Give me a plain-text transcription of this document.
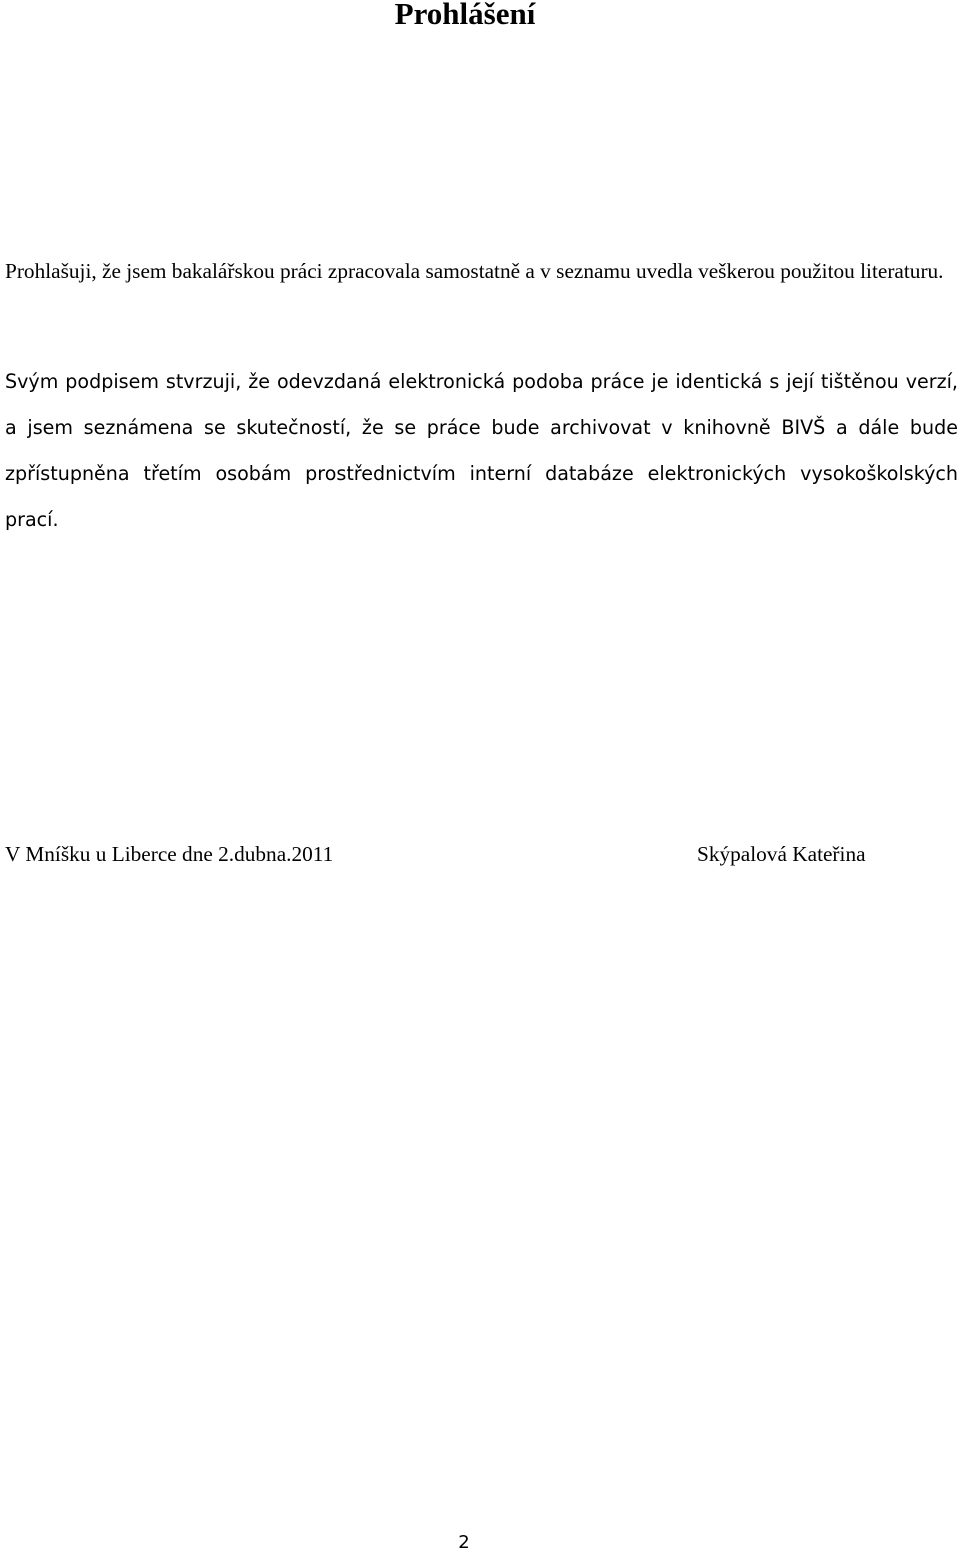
Prohlášení

Prohlašuji, že jsem bakalářskou práci zpracovala samostatně a v seznamu uvedla veškerou použitou literaturu.

Svým podpisem stvrzuji, že odevzdaná elektronická podoba práce je identická s její tištěnou verzí, a jsem seznámena se skutečností, že se práce bude archivovat v knihovně BIVŠ a dále bude zpřístupněna třetím osobám prostřednictvím interní databáze elektronických vysokoškolských prací.

V Mníšku u Liberce dne 2.dubna.2011	Skýpalová Kateřina

2
